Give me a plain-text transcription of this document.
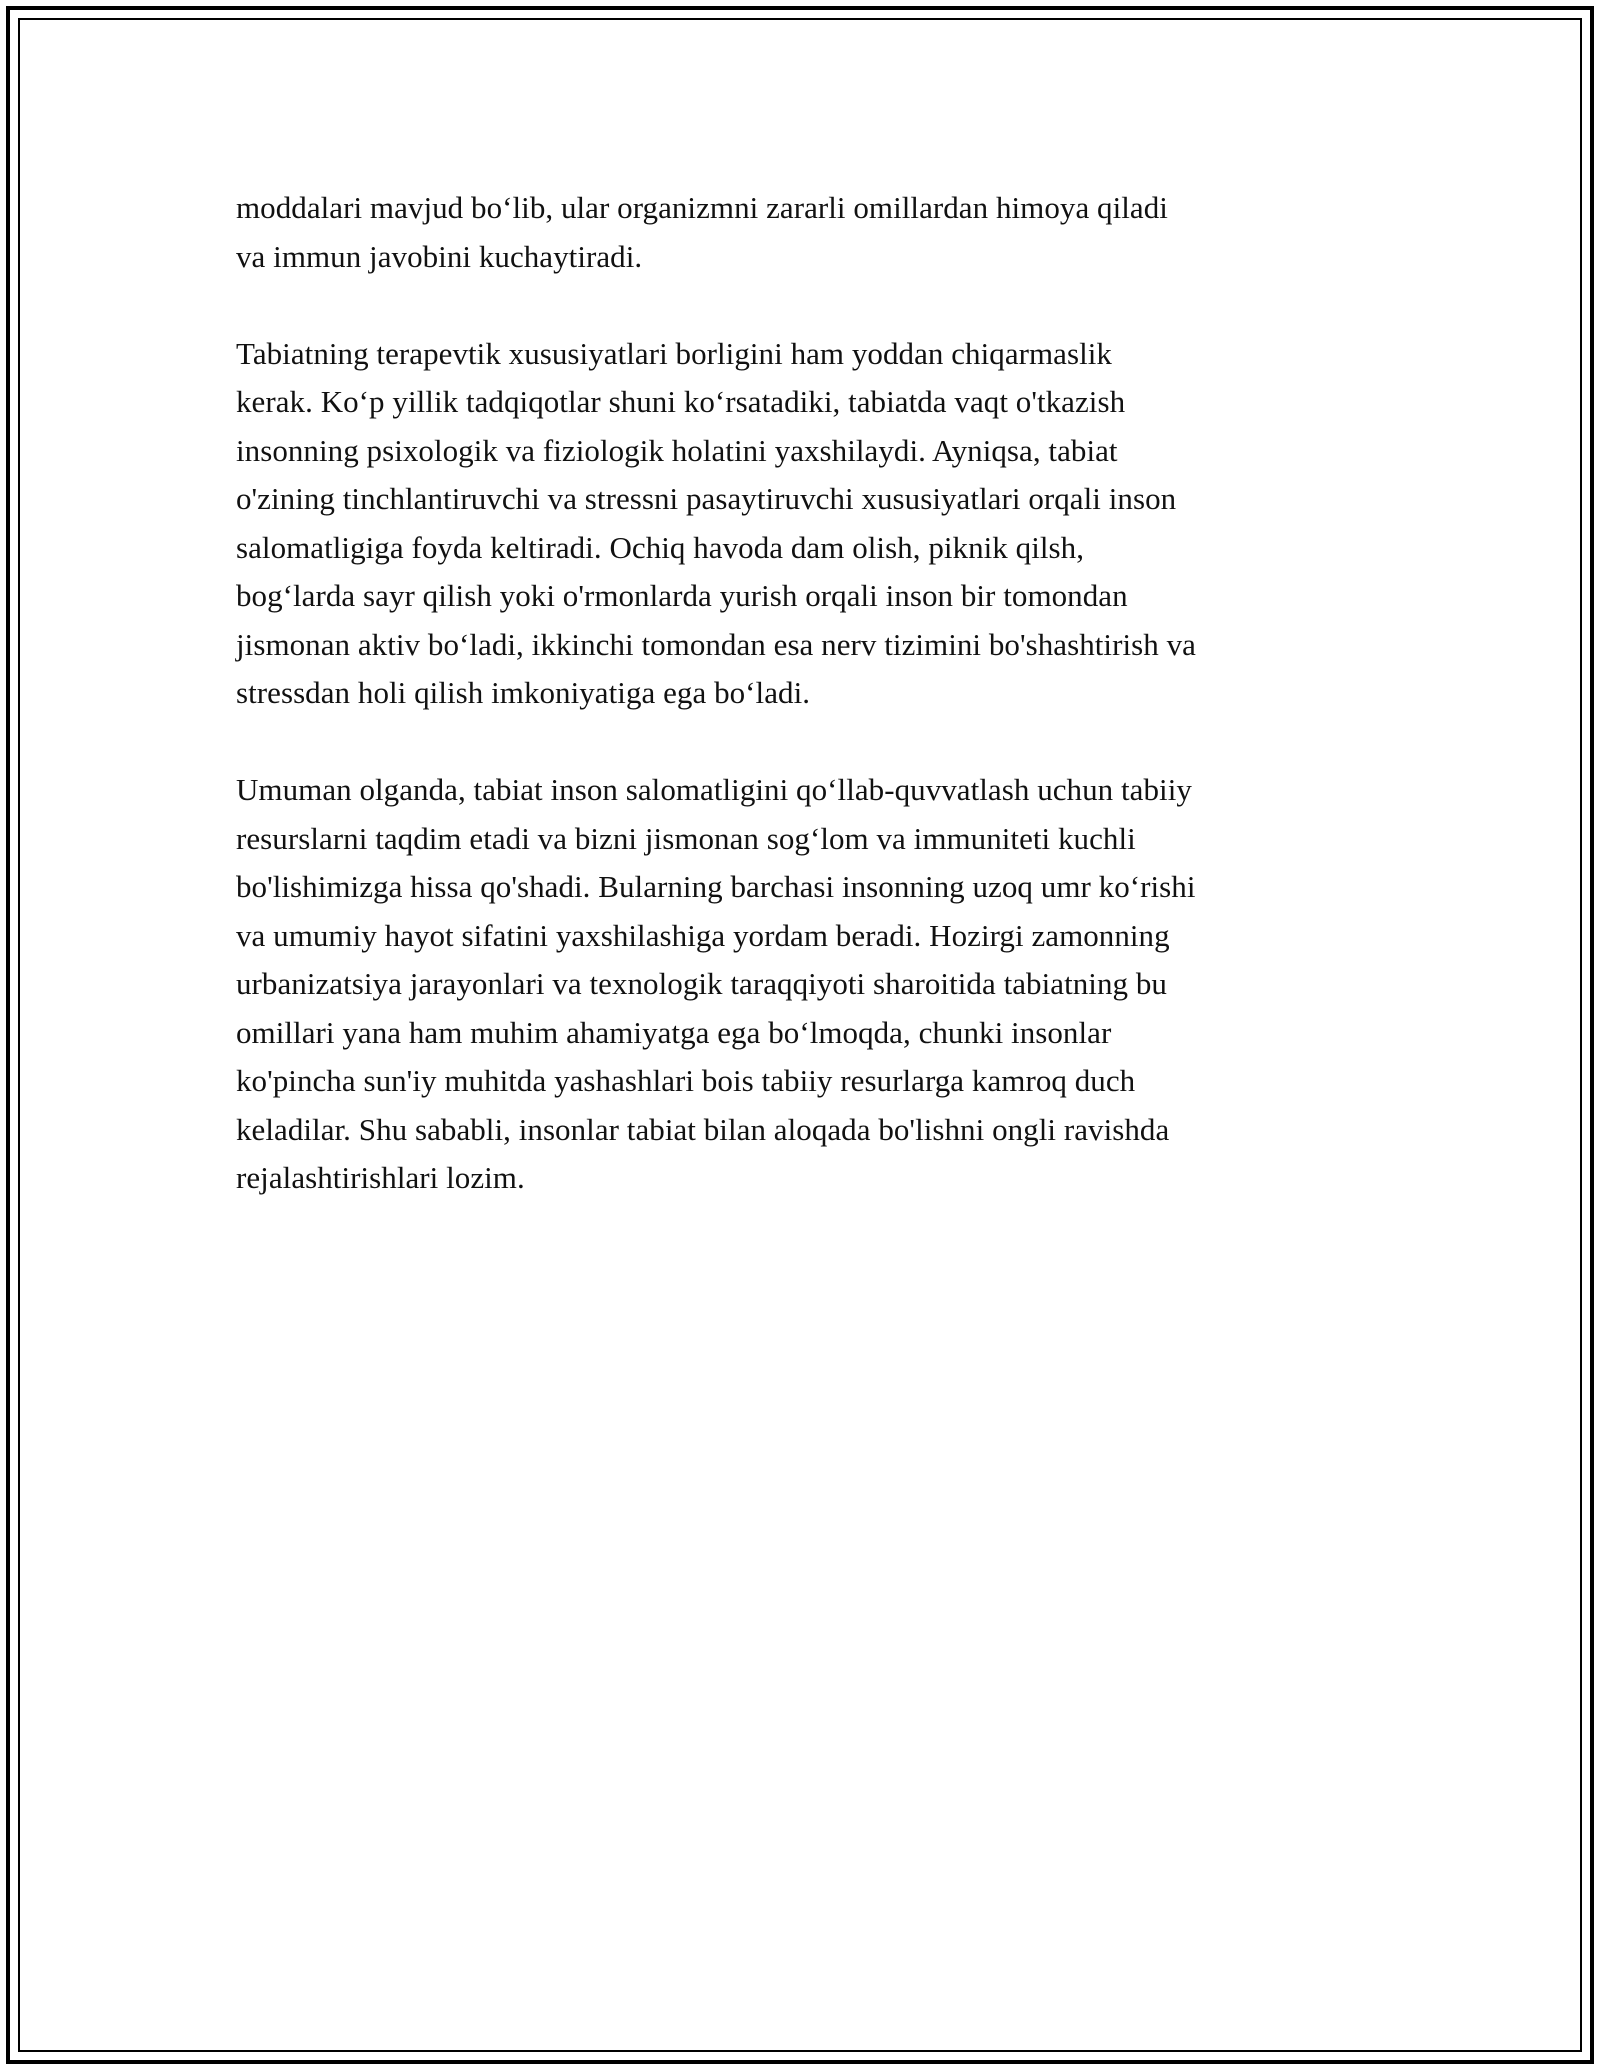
moddalari mavjud bo‘lib, ular organizmni zararli omillardan himoya qiladi
va immun javobini kuchaytiradi.
Tabiatning terapevtik xususiyatlari borligini ham yoddan chiqarmaslik
kerak. Ko‘p yillik tadqiqotlar shuni ko‘rsatadiki, tabiatda vaqt o'tkazish
insonning psixologik va fiziologik holatini yaxshilaydi. Ayniqsa, tabiat
o'zining tinchlantiruvchi va stressni pasaytiruvchi xususiyatlari orqali inson
salomatligiga foyda keltiradi. Ochiq havoda dam olish, piknik qilsh,
bog‘larda sayr qilish yoki o'rmonlarda yurish orqali inson bir tomondan
jismonan aktiv bo‘ladi, ikkinchi tomondan esa nerv tizimini bo'shashtirish va
stressdan holi qilish imkoniyatiga ega bo‘ladi.
Umuman olganda, tabiat inson salomatligini qo‘llab-quvvatlash uchun tabiiy
resurslarni taqdim etadi va bizni jismonan sog‘lom va immuniteti kuchli
bo'lishimizga hissa qo'shadi. Bularning barchasi insonning uzoq umr ko‘rishi
va umumiy hayot sifatini yaxshilashiga yordam beradi. Hozirgi zamonning
urbanizatsiya jarayonlari va texnologik taraqqiyoti sharoitida tabiatning bu
omillari yana ham muhim ahamiyatga ega bo‘lmoqda, chunki insonlar
ko'pincha sun'iy muhitda yashashlari bois tabiiy resurlarga kamroq duch
keladilar. Shu sababli, insonlar tabiat bilan aloqada bo'lishni ongli ravishda
rejalashtirishlari lozim.
